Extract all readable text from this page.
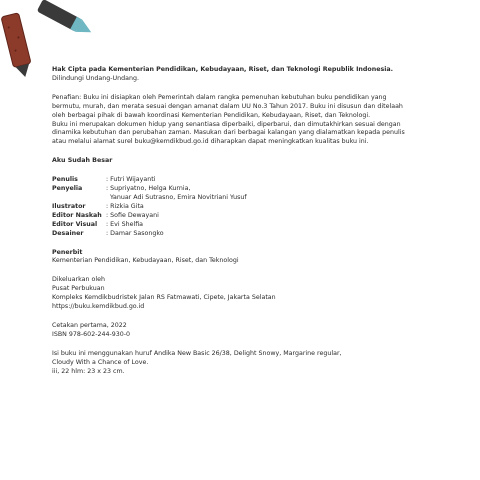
Hak Cipta pada Kementerian Pendidikan, Kebudayaan, Riset, dan Teknologi Republik Indonesia.

Dilindungi Undang-Undang.

Penafian: Buku ini disiapkan oleh Pemerintah dalam rangka pemenuhan kebutuhan buku pendidikan yang

bermutu, murah, dan merata sesuai dengan amanat dalam UU No.3 Tahun 2017. Buku ini disusun dan ditelaah

oleh berbagai pihak di bawah koordinasi Kementerian Pendidikan, Kebudayaan, Riset, dan Teknologi.

Buku ini merupakan dokumen hidup yang senantiasa diperbaiki, diperbarui, dan dimutakhirkan sesuai dengan

dinamika kebutuhan dan perubahan zaman. Masukan dari berbagai kalangan yang dialamatkan kepada penulis

atau melalui alamat surel buku@kemdikbud.go.id diharapkan dapat meningkatkan kualitas buku ini.

Aku Sudah Besar

Penulis	: Futri Wijayanti

Penyelia	: Supriyatno, Helga Kurnia,
Yanuar Adi Sutrasno, Emira Novitriani Yusuf

Ilustrator	: Rizkia Gita

Editor Naskah	: Sofie Dewayani

Editor Visual	: Evi Shelfia

Desainer	: Damar Sasongko

Penerbit

Kementerian Pendidikan, Kebudayaan, Riset, dan Teknologi

Dikeluarkan oleh

Pusat Perbukuan

Kompleks Kemdikbudristek Jalan RS Fatmawati, Cipete, Jakarta Selatan

https://buku.kemdikbud.go.id

Cetakan pertama, 2022

ISBN 978-602-244-930-0

Isi buku ini menggunakan huruf Andika New Basic 26/38, Delight Snowy, Margarine regular,

Cloudy With a Chance of Love.

iii, 22 hlm: 23 x 23 cm.
